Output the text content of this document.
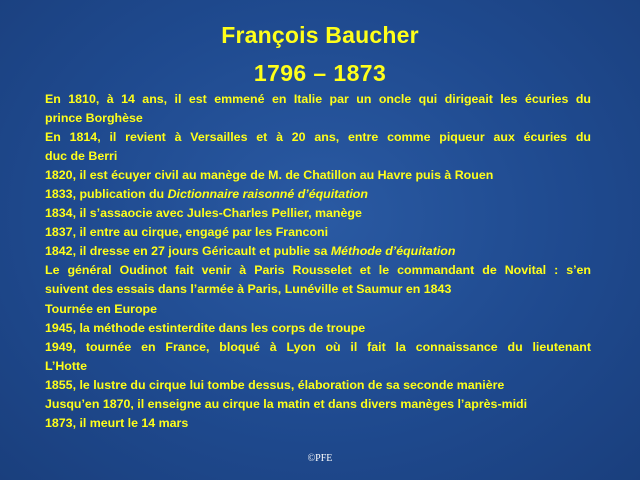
François Baucher
1796 – 1873

En 1810, à 14 ans, il est emmené en Italie par un oncle qui dirigeait les écuries du

prince Borghèse

En 1814, il revient à Versailles et à 20 ans, entre comme piqueur aux écuries du

duc de Berri

1820, il est écuyer civil au manège de M. de Chatillon au Havre puis à Rouen

1833, publication du Dictionnaire raisonné d’équitation

1834, il s’assaocie avec Jules-Charles Pellier, manège

1837, il entre au cirque, engagé par les Franconi

1842, il dresse en 27 jours Géricault et publie sa Méthode d’équitation

Le général Oudinot fait venir à Paris Rousselet et le commandant de Novital : s’en

suivent des essais dans l’armée à Paris, Lunéville et Saumur en 1843

Tournée en Europe

1945, la méthode estinterdite dans les corps de troupe

1949, tournée en France, bloqué à Lyon où il fait la connaissance du lieutenant

L’Hotte

1855, le lustre du cirque lui tombe dessus, élaboration de sa seconde manière

Jusqu’en 1870, il enseigne au cirque la matin et dans divers manèges l’après-midi

1873, il meurt le 14 mars

©PFE
